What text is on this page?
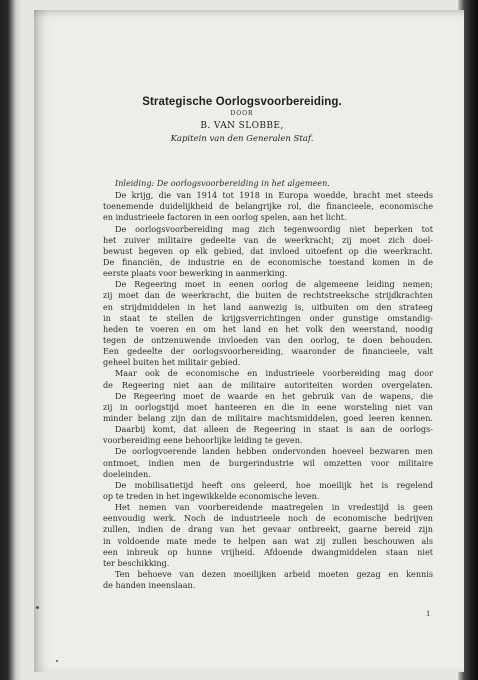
Strategische Oorlogsvoorbereiding.
DOOR
B. VAN SLOBBE,
Kapitein van den Generalen Staf.
Inleiding: De oorlogsvoorbereiding in het algemeen.
De krijg, die van 1914 tot 1918 in Europa woedde, bracht met steeds
toenemende duidelijkheid de belangrijke rol, die financieele, economische
en industrieele factoren in een oorlog spelen, aan het licht.
De oorlogsvoorbereiding mag zich tegenwoordig niet beperken tot
het zuiver militaire gedeelte van de weerkracht; zij moet zich doel-
bewust begeven op elk gebied, dat invloed uitoefent op die weerkracht.
De financiën, de industrie en de economische toestand komen in de
eerste plaats voor bewerking in aanmerking.
De Regeering moet in eenen oorlog de algemeene leiding nemen;
zij moet dan de weerkracht, die buiten de rechtstreeksche strijdkrachten
en strijdmiddelen in het land aanwezig is, uitbuiten om den strateeg
in staat te stellen de krijgsverrichtingen onder gunstige omstandig-
heden te voeren en om het land en het volk den weerstand, noodig
tegen de ontzenuwende invloeden van den oorlog, te doen behouden.
Een gedeelte der oorlogsvoorbereiding, waaronder de financieele, valt
geheel buiten het militair gebied.
Maar ook de economische en industrieele voorbereiding mag door
de Regeering niet aan de militaire autoriteiten worden overgelaten.
De Regeering moet de waarde en het gebruik van de wapens, die
zij in oorlogstijd moet hanteeren en die in eene worsteling niet van
minder belang zijn dan de militaire machtsmiddelen, goed leeren kennen.
Daarbij komt, dat alleen de Regeering in staat is aan de oorlogs-
voorbereiding eene behoorlijke leiding te geven.
De oorlogvoerende landen hebben ondervonden hoeveel bezwaren men
ontmoet, indien men de burgerindustrie wil omzetten voor militaire
doeleinden.
De mobilisatietijd heeft ons geleerd, hoe moeilijk het is regelend
op te treden in het ingewikkelde economische leven.
Het nemen van voorbereidende maatregelen in vredestijd is geen
eenvoudig werk. Noch de industrieele noch de economische bedrijven
zullen, indien de drang van het gevaar ontbreekt, gaarne bereid zijn
in voldoende mate mede te helpen aan wat zij zullen beschouwen als
een inbreuk op hunne vrijheid. Afdoende dwangmiddelen staan niet
ter beschikking.
Ten behoeve van dezen moeilijken arbeid moeten gezag en kennis
de handen ineenslaan.
1
